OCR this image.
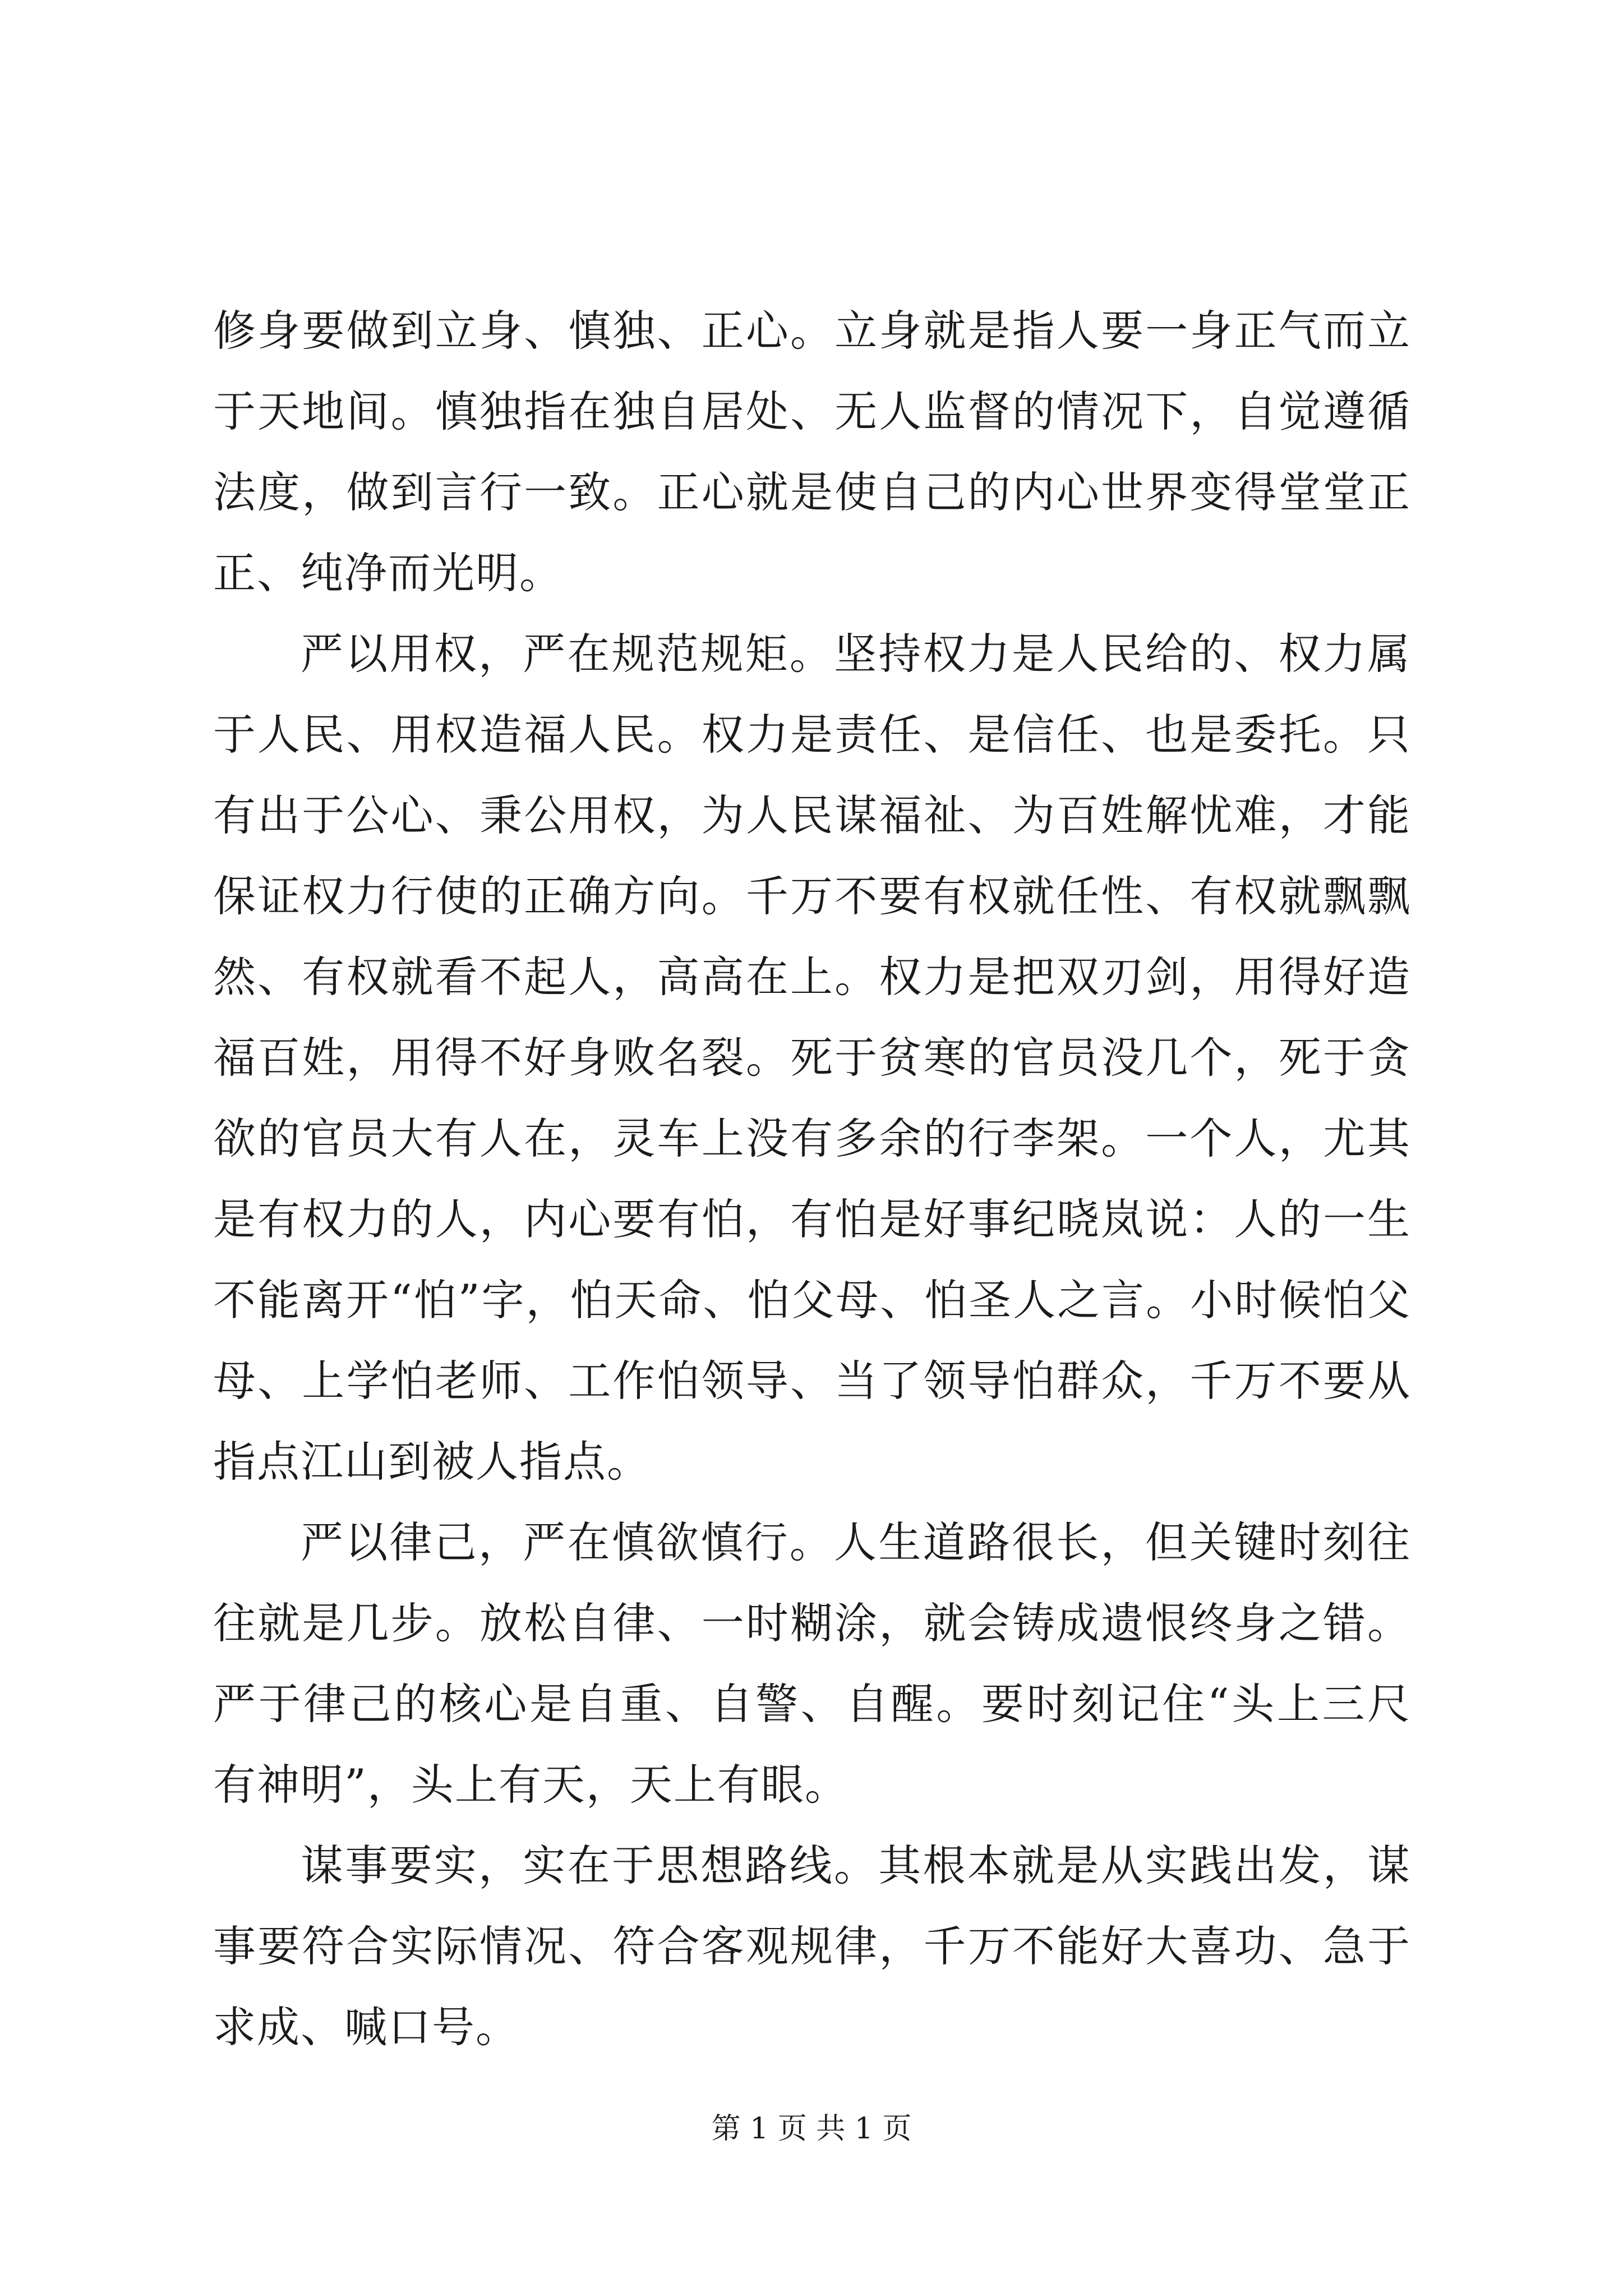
修身要做到立身、慎独、正心。立身就是指人要一身正气而立于天地间。慎独指在独自居处、无人监督的情况下，自觉遵循法度，做到言行一致。正心就是使自己的内心世界变得堂堂正正、纯净而光明。

严以用权，严在规范规矩。坚持权力是人民给的、权力属于人民、用权造福人民。权力是责任、是信任、也是委托。只有出于公心、秉公用权，为人民谋福祉、为百姓解忧难，才能保证权力行使的正确方向。千万不要有权就任性、有权就飘飘然、有权就看不起人，高高在上。权力是把双刃剑，用得好造福百姓，用得不好身败名裂。死于贫寒的官员没几个，死于贪欲的官员大有人在，灵车上没有多余的行李架。一个人，尤其是有权力的人，内心要有怕，有怕是好事纪晓岚说：人的一生不能离开“怕”字，怕天命、怕父母、怕圣人之言。小时候怕父母、上学怕老师、工作怕领导、当了领导怕群众，千万不要从指点江山到被人指点。

严以律己，严在慎欲慎行。人生道路很长，但关键时刻往往就是几步。放松自律、一时糊涂，就会铸成遗恨终身之错。严于律己的核心是自重、自警、自醒。要时刻记住“头上三尺有神明”，头上有天，天上有眼。

谋事要实，实在于思想路线。其根本就是从实践出发，谋事要符合实际情况、符合客观规律，千万不能好大喜功、急于求成、喊口号。

第 1 页 共 1 页
